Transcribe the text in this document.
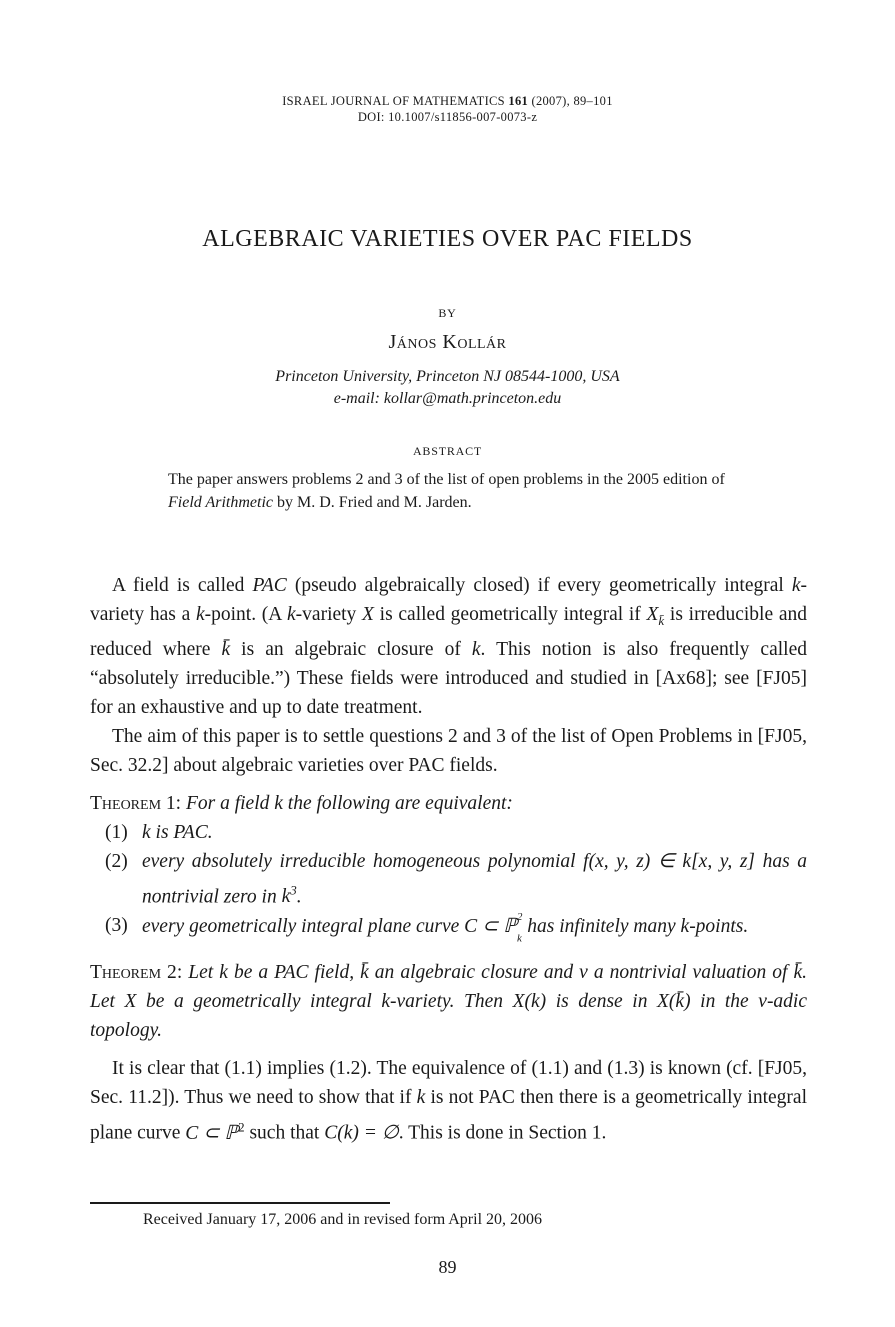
ISRAEL JOURNAL OF MATHEMATICS 161 (2007), 89–101
DOI: 10.1007/s11856-007-0073-z
ALGEBRAIC VARIETIES OVER PAC FIELDS
BY
János Kollár
Princeton University, Princeton NJ 08544-1000, USA
e-mail: kollar@math.princeton.edu
ABSTRACT
The paper answers problems 2 and 3 of the list of open problems in the 2005 edition of Field Arithmetic by M. D. Fried and M. Jarden.

A field is called PAC (pseudo algebraically closed) if every geometrically integral k-variety has a k-point. (A k-variety X is called geometrically integral if $X_{k̄}$ is irreducible and reduced where k̄ is an algebraic closure of k. This notion is also frequently called “absolutely irreducible.”) These fields were introduced and studied in [Ax68]; see [FJ05] for an exhaustive and up to date treatment.

The aim of this paper is to settle questions 2 and 3 of the list of Open Problems in [FJ05, Sec. 32.2] about algebraic varieties over PAC fields.

Theorem 1: For a field k the following are equivalent:
(1) k is PAC.
(2) every absolutely irreducible homogeneous polynomial f(x, y, z) ∈ k[x, y, z] has a nontrivial zero in $k^3$.
(3) every geometrically integral plane curve C ⊂ ℙ$^2$
$_k$ has infinitely many k-points.
Theorem 2: Let k be a PAC field, k̄ an algebraic closure and v a nontrivial valuation of k̄. Let X be a geometrically integral k-variety. Then X(k) is dense in X(k̄) in the v-adic topology.

It is clear that (1.1) implies (1.2). The equivalence of (1.1) and (1.3) is known (cf. [FJ05, Sec. 11.2]). Thus we need to show that if k is not PAC then there is a geometrically integral plane curve C ⊂ ℙ$^2$ such that C(k) = ∅. This is done in Section 1.

Received January 17, 2006 and in revised form April 20, 2006
89
